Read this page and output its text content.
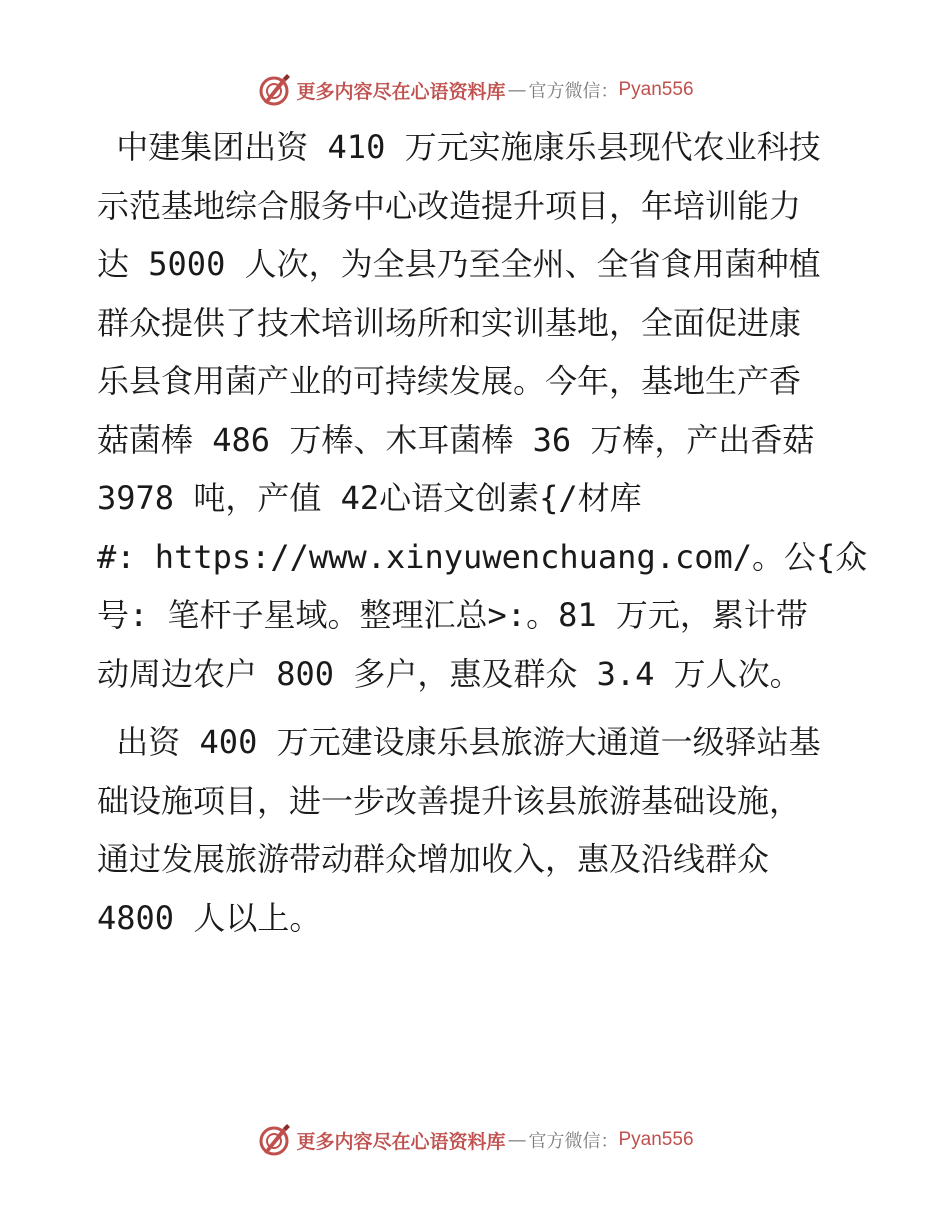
更多内容尽在心语资料库 — 官方微信： Pyan556
中建集团出资 410 万元实施康乐县现代农业科技
示范基地综合服务中心改造提升项目，年培训能力
达 5000 人次，为全县乃至全州、全省食用菌种植
群众提供了技术培训场所和实训基地，全面促进康
乐县食用菌产业的可持续发展。今年，基地生产香
菇菌棒 486 万棒、木耳菌棒 36 万棒，产出香菇
3978 吨，产值 42心语文创素{/材库
#: https://www.xinyuwenchuang.com/。公{众
号: 笔杆子星域。整理汇总>:。81 万元，累计带
动周边农户 800 多户，惠及群众 3.4 万人次。
出资 400 万元建设康乐县旅游大通道一级驿站基
础设施项目，进一步改善提升该县旅游基础设施，
通过发展旅游带动群众增加收入，惠及沿线群众
4800 人以上。
更多内容尽在心语资料库 — 官方微信： Pyan556
